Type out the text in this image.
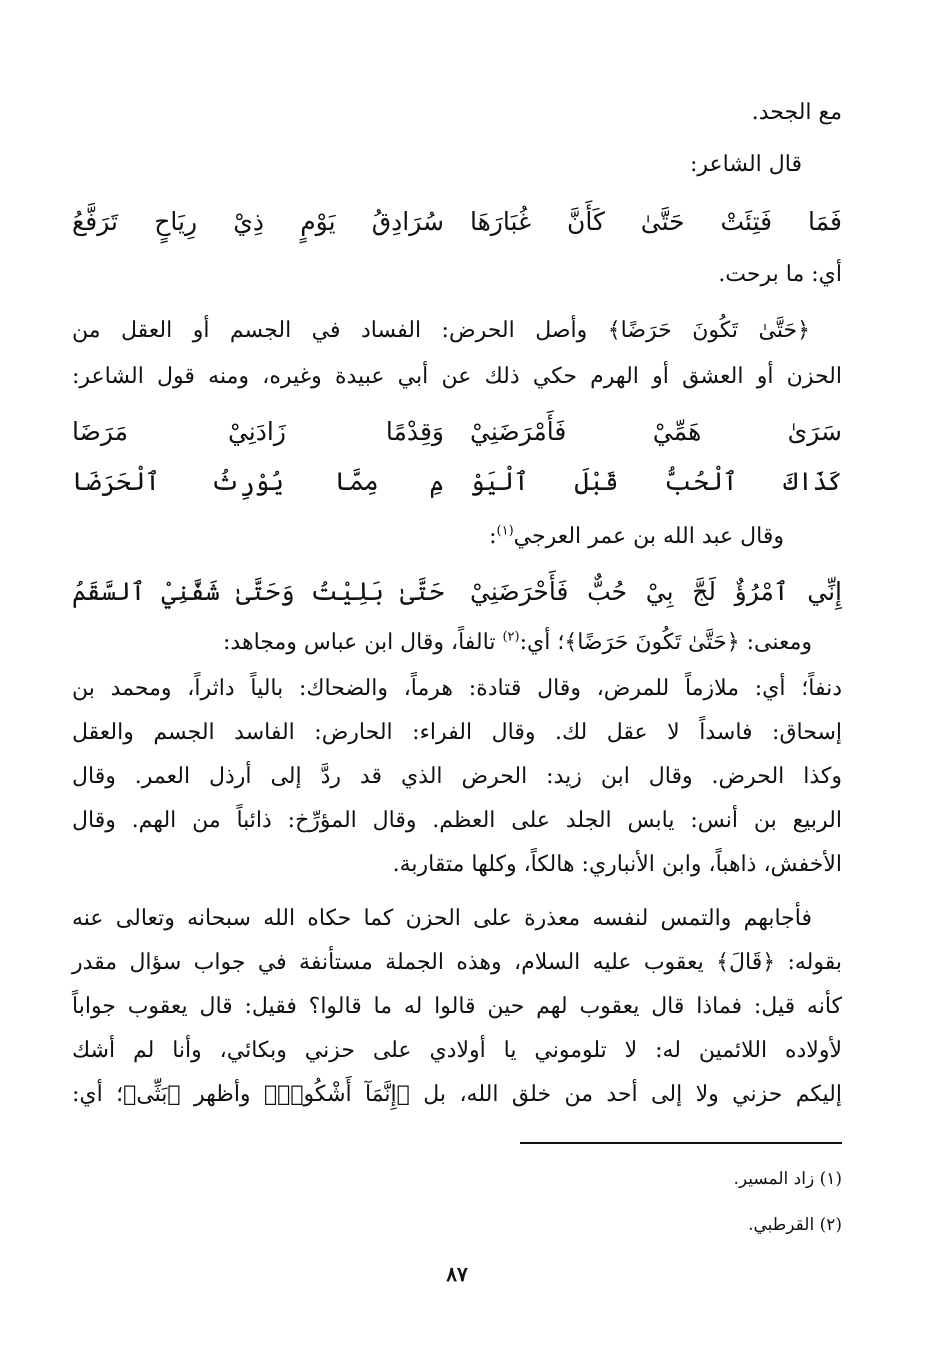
مع الجحد.
قال الشاعر:
فَمَا فَتِئَتْ حَتَّىٰ كَأَنَّ غُبَارَهَا
سُرَادِقُ يَوْمٍ ذِيْ رِيَاحٍ تَرَفَّعُ
أي: ما برحت.
﴿حَتَّىٰ تَكُونَ حَرَضًا﴾ وأصل الحرض: الفساد في الجسم أو العقل من
الحزن أو العشق أو الهرم حكي ذلك عن أبي عبيدة وغيره، ومنه قول الشاعر:
سَرَىٰ هَمِّيْ فَأَمْرَضَنِيْ
وَقِدْمًا زَادَنِيْ مَرَضَا
كَذَاكَ ٱلْحُبُّ قَبْلَ ٱلْيَوْ
مِ مِمَّا يُوْرِثُ ٱلْحَرَضَا
وقال عبد الله بن عمر العرجي$^{(١)}$:
إِنِّي ٱمْرُؤٌ لَجَّ بِيْ حُبٌّ فَأَحْرَضَنِيْ
حَتَّىٰ بَلِيْتُ وَحَتَّىٰ شَفَّنِيْ ٱلسَّقَمُ
ومعنى: ﴿حَتَّىٰ تَكُونَ حَرَضًا﴾؛ أي:$^{(٢)}$ تالفاً، وقال ابن عباس ومجاهد:
دنفاً؛ أي: ملازماً للمرض، وقال قتادة: هرماً، والضحاك: بالياً داثراً، ومحمد بن
إسحاق: فاسداً لا عقل لك. وقال الفراء: الحارض: الفاسد الجسم والعقل
وكذا الحرض. وقال ابن زيد: الحرض الذي قد ردَّ إلى أرذل العمر. وقال
الربيع بن أنس: يابس الجلد على العظم. وقال المؤرِّخ: ذائباً من الهم. وقال
الأخفش، ذاهباً، وابن الأنباري: هالكاً، وكلها متقاربة.
فأجابهم والتمس لنفسه معذرة على الحزن كما حكاه الله سبحانه وتعالى عنه
بقوله: ﴿قَالَ﴾ يعقوب عليه السلام، وهذه الجملة مستأنفة في جواب سؤال مقدر
كأنه قيل: فماذا قال يعقوب لهم حين قالوا له ما قالوا؟ فقيل: قال يعقوب جواباً
لأولاده اللائمين له: لا تلوموني يا أولادي على حزني وبكائي، وأنا لم أشك
إليكم حزني ولا إلى أحد من خلق الله، بل ﴿إِنَّمَآ أَشْكُوا۟﴾ وأظهر ﴿بَثِّى﴾؛ أي:
(١) زاد المسير.
(٢) القرطبي.
٨٧
